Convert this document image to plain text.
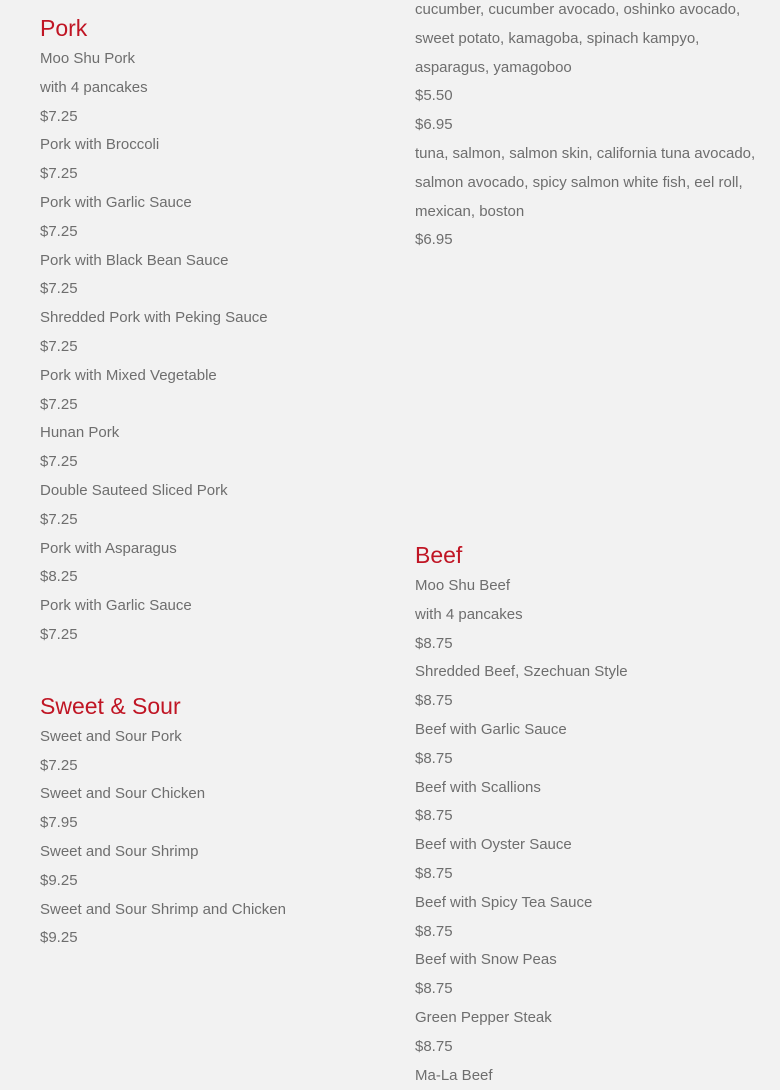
Pork
Moo Shu Pork
with 4 pancakes
$7.25
Pork with Broccoli
$7.25
Pork with Garlic Sauce
$7.25
Pork with Black Bean Sauce
$7.25
Shredded Pork with Peking Sauce
$7.25
Pork with Mixed Vegetable
$7.25
Hunan Pork
$7.25
Double Sauteed Sliced Pork
$7.25
Pork with Asparagus
$8.25
Pork with Garlic Sauce
$7.25
Sweet & Sour
Sweet and Sour Pork
$7.25
Sweet and Sour Chicken
$7.95
Sweet and Sour Shrimp
$9.25
Sweet and Sour Shrimp and Chicken
$9.25
cucumber, cucumber avocado, oshinko avocado,
sweet potato, kamagoba, spinach kampyo,
asparagus, yamagoboo
$5.50
$6.95
tuna, salmon, salmon skin, california tuna avocado,
salmon avocado, spicy salmon white fish, eel roll,
mexican, boston
$6.95
Beef
Moo Shu Beef
with 4 pancakes
$8.75
Shredded Beef, Szechuan Style
$8.75
Beef with Garlic Sauce
$8.75
Beef with Scallions
$8.75
Beef with Oyster Sauce
$8.75
Beef with Spicy Tea Sauce
$8.75
Beef with Snow Peas
$8.75
Green Pepper Steak
$8.75
Ma-La Beef
